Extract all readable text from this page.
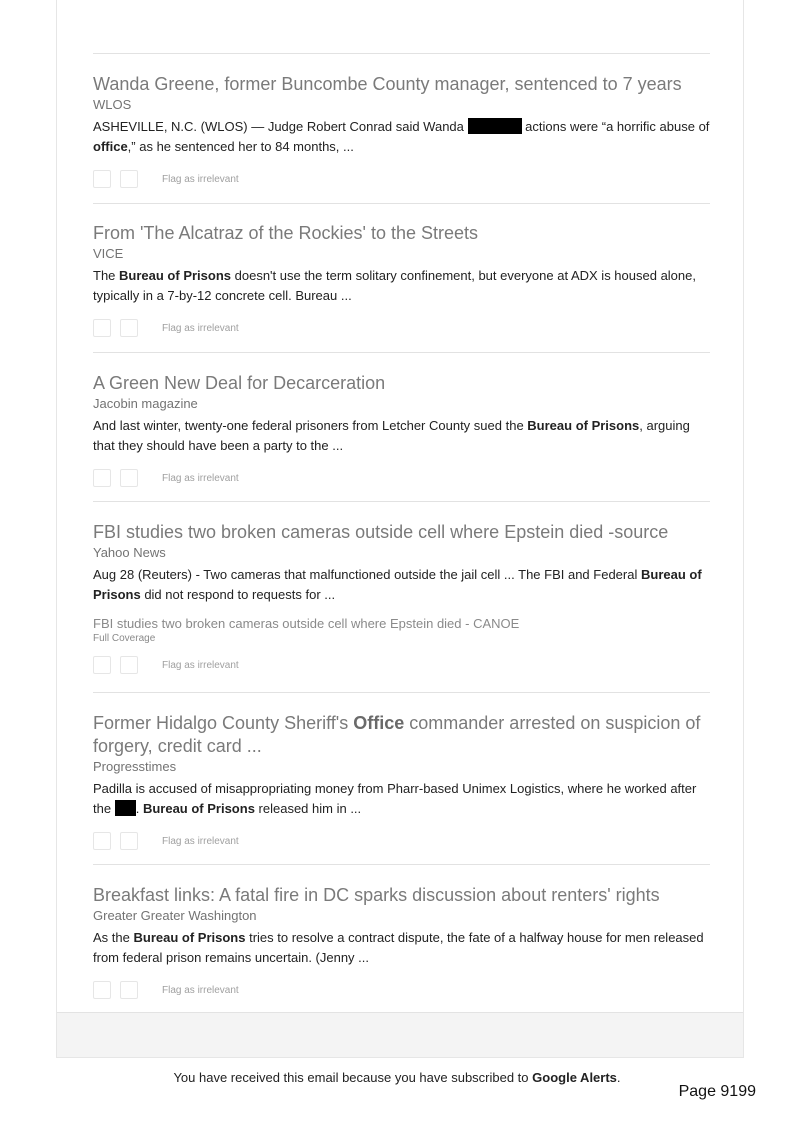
Wanda Greene, former Buncombe County manager, sentenced to 7 years
WLOS

ASHEVILLE, N.C. (WLOS) — Judge Robert Conrad said Wanda	actions were “a horrific abuse of office,” as he sentenced her to 84 months, ...

Flag as irrelevant
From 'The Alcatraz of the Rockies' to the Streets
VICE

The Bureau of Prisons doesn't use the term solitary confinement, but everyone at ADX is housed alone, typically in a 7-by-12 concrete cell. Bureau ...

Flag as irrelevant
A Green New Deal for Decarceration
Jacobin magazine

And last winter, twenty-one federal prisoners from Letcher County sued the Bureau of Prisons, arguing that they should have been a party to the ...

Flag as irrelevant
FBI studies two broken cameras outside cell where Epstein died -source
Yahoo News

Aug 28 (Reuters) - Two cameras that malfunctioned outside the jail cell ... The FBI and Federal Bureau of Prisons did not respond to requests for ...

FBI studies two broken cameras outside cell where Epstein died - CANOE
Full Coverage
Flag as irrelevant
Former Hidalgo County Sheriff's Office commander arrested on suspicion of forgery, credit card ...
Progresstimes

Padilla is accused of misappropriating money from Pharr-based Unimex Logistics, where he worked after the . Bureau of Prisons released him in ...

Flag as irrelevant
Breakfast links: A fatal fire in DC sparks discussion about renters' rights
Greater Greater Washington

As the Bureau of Prisons tries to resolve a contract dispute, the fate of a halfway house for men released from federal prison remains uncertain. (Jenny ...

Flag as irrelevant
You have received this email because you have subscribed to Google Alerts.
Page 9199
